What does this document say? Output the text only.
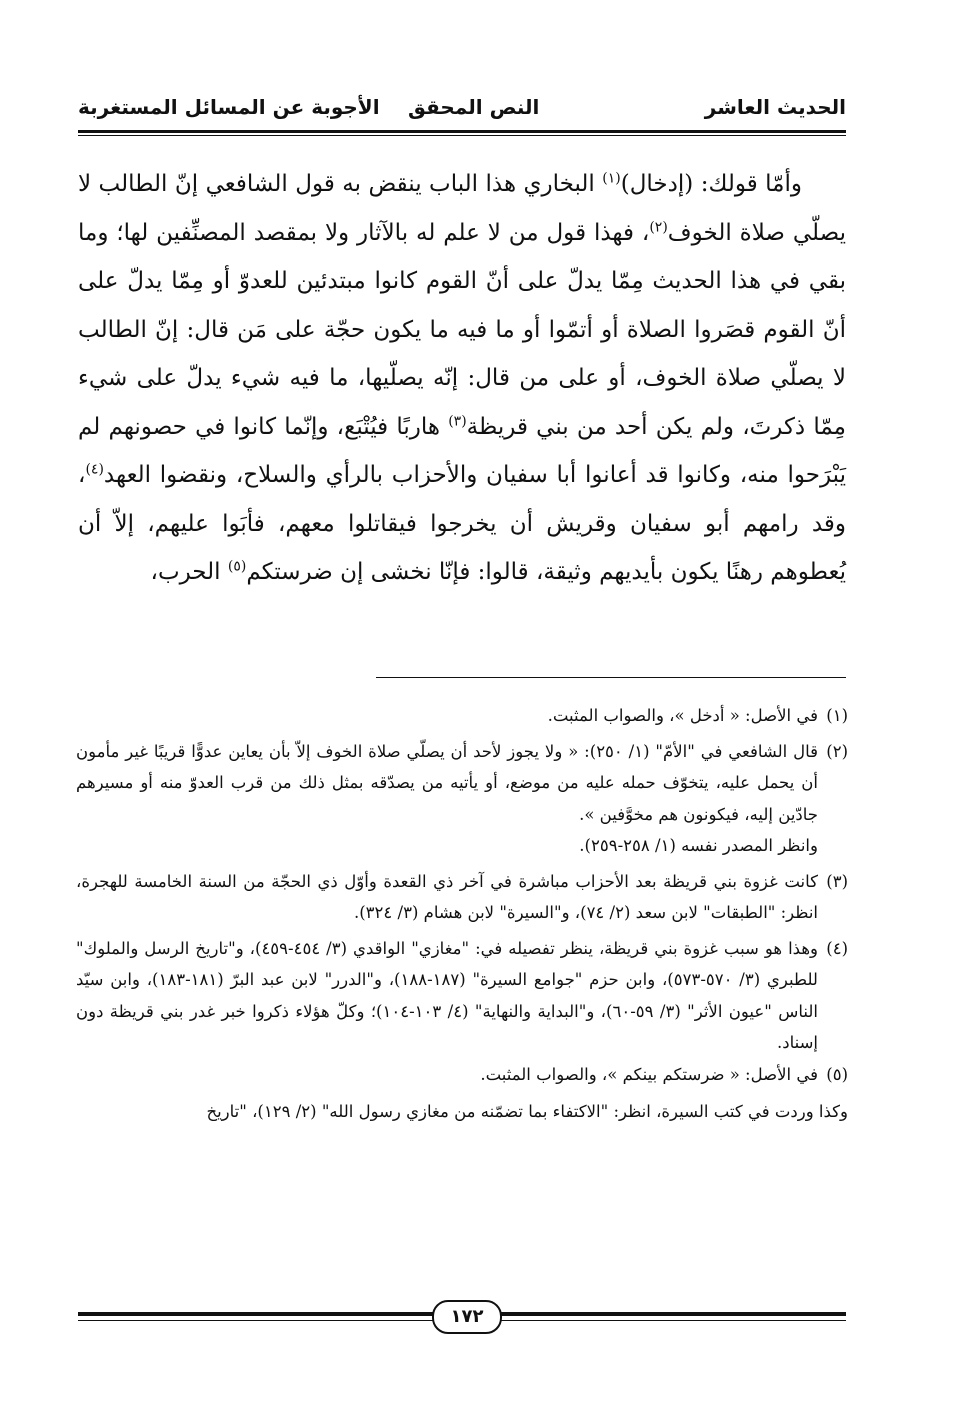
الحديث العاشر
النص المحقق
الأجوبة عن المسائل المستغربة

وأمّا قولك: (إدخال)$^{(١)}$ البخاري هذا الباب ينقض به قول الشافعي إنّ الطالب لا يصلّي صلاة الخوف$^{(٢)}$، فهذا قول من لا علم له بالآثار ولا بمقصد المصنِّفين لها؛ وما بقي في هذا الحديث مِمّا يدلّ على أنّ القوم كانوا مبتدئين للعدوّ أو مِمّا يدلّ على أنّ القوم قصَروا الصلاة أو أتمّوا أو ما فيه ما يكون حجّة على مَن قال: إنّ الطالب لا يصلّي صلاة الخوف، أو على من قال: إنّه يصلّيها، ما فيه شيء يدلّ على شيء مِمّا ذكرتَ، ولم يكن أحد من بني قريظة$^{(٣)}$ هاربًا فيُتْبَع، وإنّما كانوا في حصونهم لم يَبْرَحوا منه، وكانوا قد أعانوا أبا سفيان والأحزاب بالرأي والسلاح، ونقضوا العهد$^{(٤)}$، وقد رامهم أبو سفيان وقريش أن يخرجوا فيقاتلوا معهم، فأبَوا عليهم، إلاّ أن يُعطوهم رهنًا يكون بأيديهم وثيقة، قالوا: فإنّا نخشى إن ضرستكم$^{(٥)}$ الحرب،

(١)
في الأصل: « أدخل »، والصواب المثبت.
(٢)
قال الشافعي في "الأمّ" (١/ ٢٥٠): « ولا يجوز لأحد أن يصلّي صلاة الخوف إلاّ بأن يعاين عدوًّا قريبًا غير مأمون أن يحمل عليه، يتخوّف حمله عليه من موضع، أو يأتيه من يصدّقه بمثل ذلك من قرب العدوّ منه أو مسيرهم جادّين إليه، فيكونون هم مخوَّفين ».
وانظر المصدر نفسه (١/ ٢٥٨-٢٥٩).
(٣)
كانت غزوة بني قريظة بعد الأحزاب مباشرة في آخر ذي القعدة وأوّل ذي الحجّة من السنة الخامسة للهجرة، انظر: "الطبقات" لابن سعد (٢/ ٧٤)، و"السيرة" لابن هشام (٣/ ٣٢٤).
(٤)
وهذا هو سبب غزوة بني قريظة، ينظر تفصيله في: "مغازي" الواقدي (٣/ ٤٥٤-٤٥٩)، و"تاريخ الرسل والملوك" للطبري (٣/ ٥٧٠-٥٧٣)، وابن حزم "جوامع السيرة" (١٨٧-١٨٨)، و"الدرر" لابن عبد البرّ (١٨١-١٨٣)، وابن سيّد الناس "عيون الأثر" (٣/ ٥٩-٦٠)، و"البداية والنهاية" (٤/ ١٠٣-١٠٤)؛ وكلّ هؤلاء ذكروا خبر غدر بني قريظة دون إسناد.
(٥)
في الأصل: « ضرستكم بينكم »، والصواب المثبت.
وكذا وردت في كتب السيرة، انظر: "الاكتفاء بما تضمّنه من مغازي رسول الله" (٢/ ١٢٩)، "تاريخ
١٧٢
